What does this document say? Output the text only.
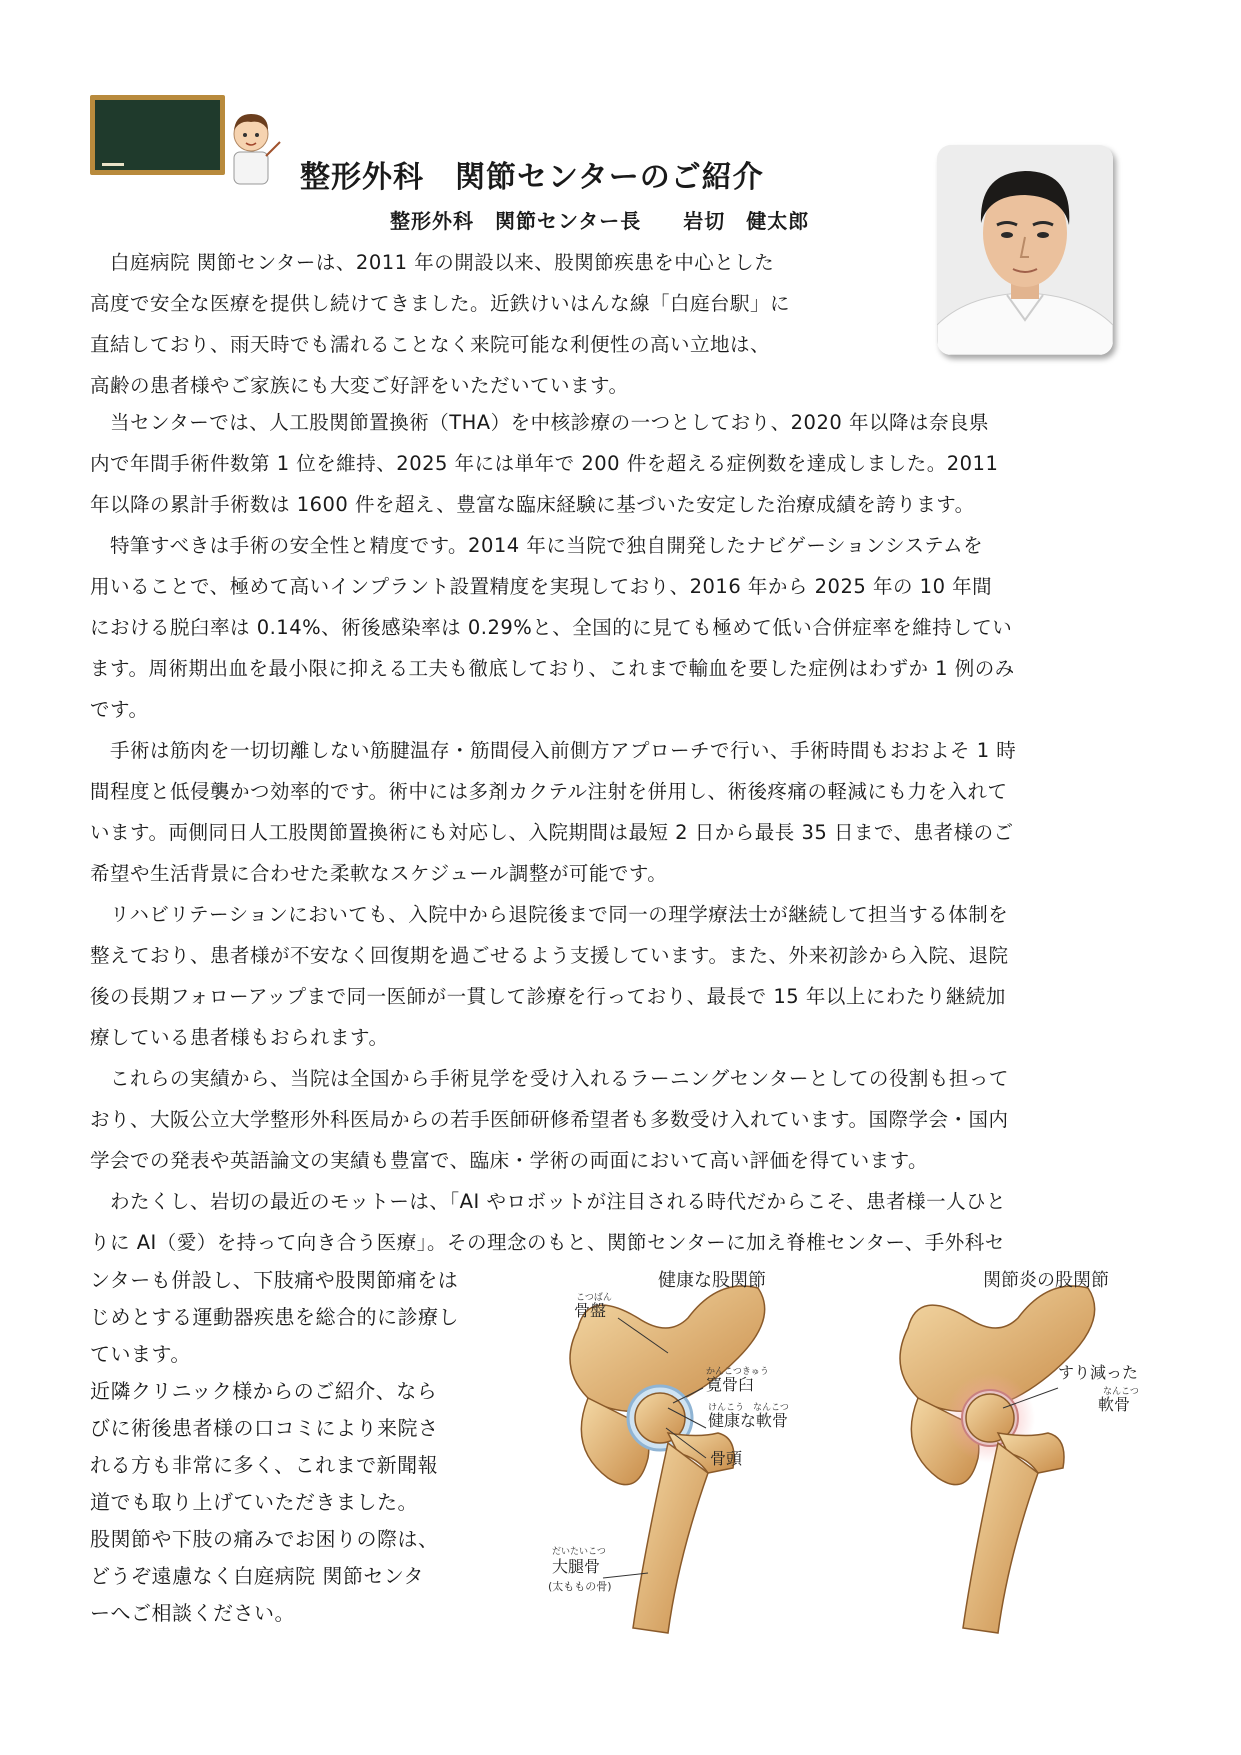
整形外科　関節センターのご紹介
整形外科　関節センター長　　岩切　健太郎
　白庭病院 関節センターは、2011 年の開設以来、股関節疾患を中心とした
高度で安全な医療を提供し続けてきました。近鉄けいはんな線「白庭台駅」に
直結しており、雨天時でも濡れることなく来院可能な利便性の高い立地は、
高齢の患者様やご家族にも大変ご好評をいただいています。
　当センターでは、人工股関節置換術（THA）を中核診療の一つとしており、2020 年以降は奈良県
内で年間手術件数第 1 位を維持、2025 年には単年で 200 件を超える症例数を達成しました。2011
年以降の累計手術数は 1600 件を超え、豊富な臨床経験に基づいた安定した治療成績を誇ります。
　特筆すべきは手術の安全性と精度です。2014 年に当院で独自開発したナビゲーションシステムを
用いることで、極めて高いインプラント設置精度を実現しており、2016 年から 2025 年の 10 年間
における脱臼率は 0.14%、術後感染率は 0.29%と、全国的に見ても極めて低い合併症率を維持してい
ます。周術期出血を最小限に抑える工夫も徹底しており、これまで輸血を要した症例はわずか 1 例のみ
です。
　手術は筋肉を一切切離しない筋腱温存・筋間侵入前側方アプローチで行い、手術時間もおおよそ 1 時
間程度と低侵襲かつ効率的です。術中には多剤カクテル注射を併用し、術後疼痛の軽減にも力を入れて
います。両側同日人工股関節置換術にも対応し、入院期間は最短 2 日から最長 35 日まで、患者様のご
希望や生活背景に合わせた柔軟なスケジュール調整が可能です。
　リハビリテーションにおいても、入院中から退院後まで同一の理学療法士が継続して担当する体制を
整えており、患者様が不安なく回復期を過ごせるよう支援しています。また、外来初診から入院、退院
後の長期フォローアップまで同一医師が一貫して診療を行っており、最長で 15 年以上にわたり継続加
療している患者様もおられます。
　これらの実績から、当院は全国から手術見学を受け入れるラーニングセンターとしての役割も担って
おり、大阪公立大学整形外科医局からの若手医師研修希望者も多数受け入れています。国際学会・国内
学会での発表や英語論文の実績も豊富で、臨床・学術の両面において高い評価を得ています。
　わたくし、岩切の最近のモットーは、「AI やロボットが注目される時代だからこそ、患者様一人ひと
りに AI（愛）を持って向き合う医療」。その理念のもと、関節センターに加え脊椎センター、手外科セ
ンターも併設し、下肢痛や股関節痛をは
じめとする運動器疾患を総合的に診療し
ています。
近隣クリニック様からのご紹介、なら
びに術後患者様の口コミにより来院さ
れる方も非常に多く、これまで新聞報
道でも取り上げていただきました。
股関節や下肢の痛みでお困りの際は、
どうぞ遠慮なく白庭病院 関節センタ
ーへご相談ください。
健康な股関節
こつばん
骨盤
かんこつきゅう
寛骨臼
けんこう　なんこつ
健康な軟骨
骨頭
だいたいこつ
大腿骨
(太ももの骨)
関節炎の股関節
すり減った
なんこつ
軟骨
